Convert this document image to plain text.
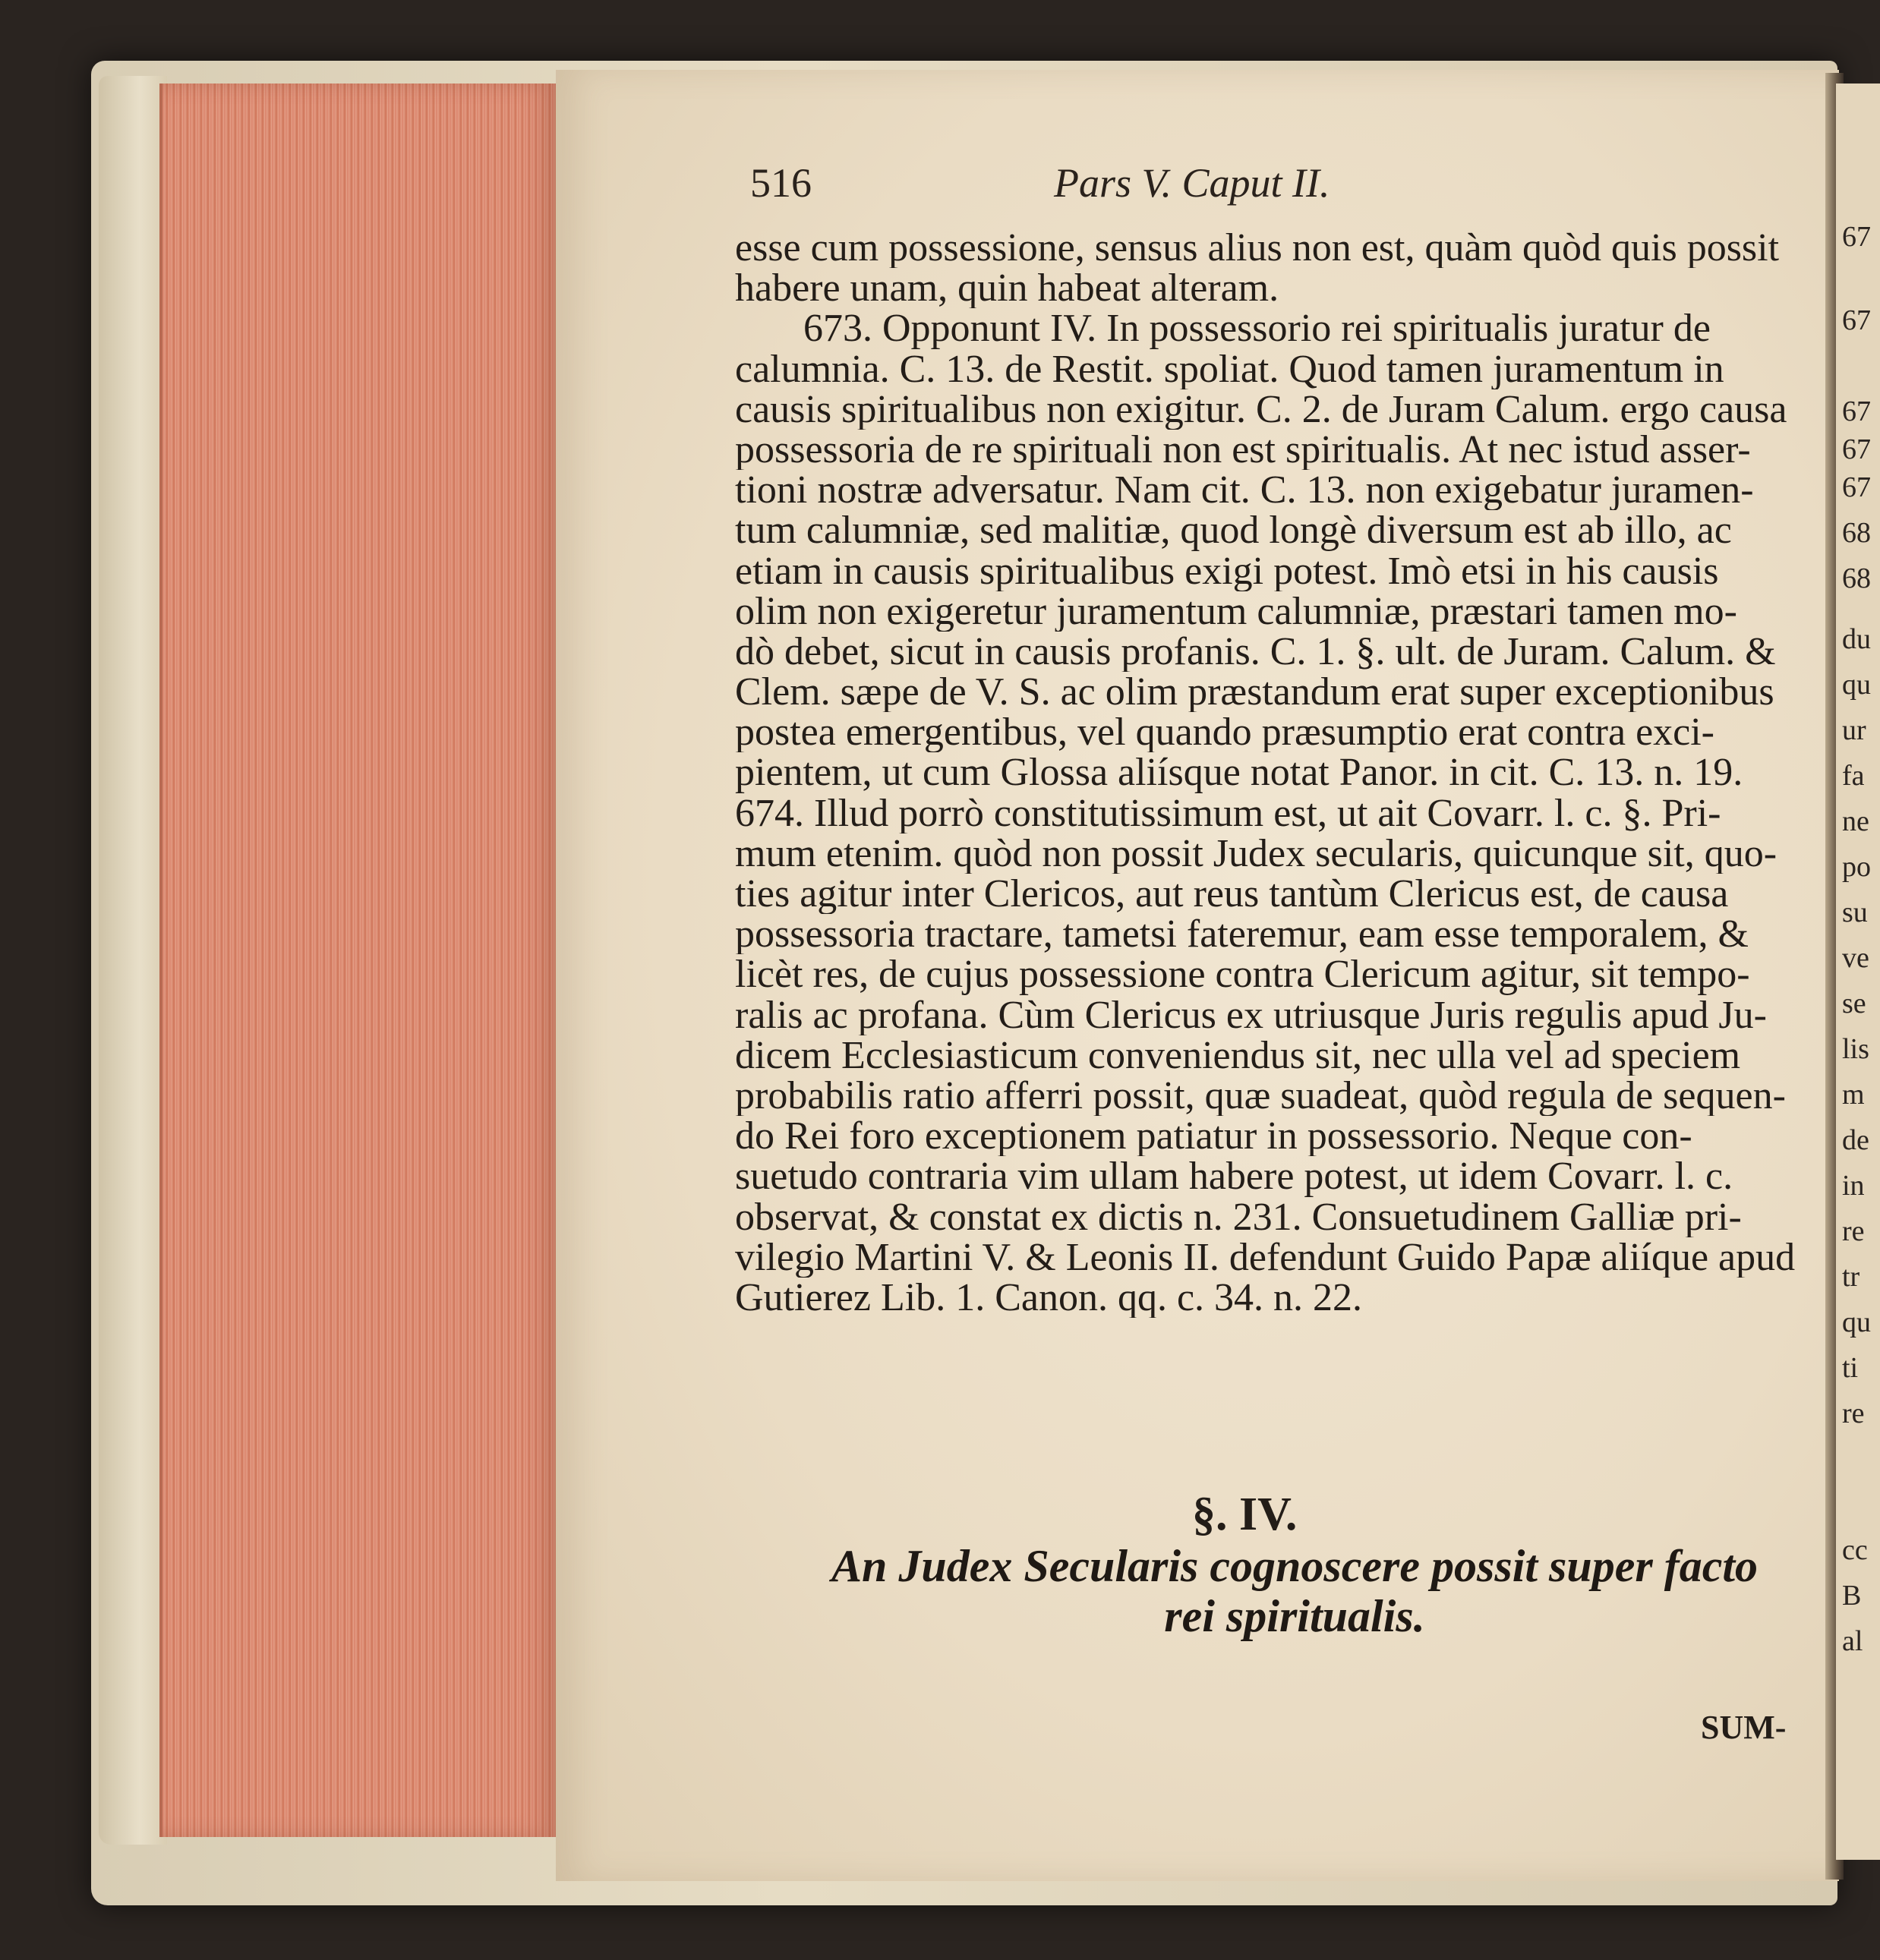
67
67
67
67
67
68
68
du
qu
ur
fa
ne
po
su
ve
se
lis
m
de
in
re
tr
qu
ti
re
cc
B
al
516	Pars V. Caput II.
esse cum possessione, sensus alius non est, quàm quòd quis possit
habere unam, quin habeat alteram.
673. Opponunt IV. In possessorio rei spiritualis juratur de
calumnia. C. 13. de Restit. spoliat. Quod tamen juramentum in
causis spiritualibus non exigitur. C. 2. de Juram Calum. ergo causa
possessoria de re spirituali non est spiritualis. At nec istud asser-
tioni nostræ adversatur. Nam cit. C. 13. non exigebatur juramen-
tum calumniæ, sed malitiæ, quod longè diversum est ab illo, ac
etiam in causis spiritualibus exigi potest. Imò etsi in his causis
olim non exigeretur juramentum calumniæ, præstari tamen mo-
dò debet, sicut in causis profanis. C. 1. §. ult. de Juram. Calum. &
Clem. sæpe de V. S. ac olim præstandum erat super exceptionibus
postea emergentibus, vel quando præsumptio erat contra exci-
pientem, ut cum Glossa aliísque notat Panor. in cit. C. 13. n. 19.
674. Illud porrò constitutissimum est, ut ait Covarr. l. c. §. Pri-
mum etenim. quòd non possit Judex secularis, quicunque sit, quo-
ties agitur inter Clericos, aut reus tantùm Clericus est, de causa
possessoria tractare, tametsi fateremur, eam esse temporalem, &
licèt res, de cujus possessione contra Clericum agitur, sit tempo-
ralis ac profana. Cùm Clericus ex utriusque Juris regulis apud Ju-
dicem Ecclesiasticum conveniendus sit, nec ulla vel ad speciem
probabilis ratio afferri possit, quæ suadeat, quòd regula de sequen-
do Rei foro exceptionem patiatur in possessorio. Neque con-
suetudo contraria vim ullam habere potest, ut idem Covarr. l. c.
observat, & constat ex dictis n. 231. Consuetudinem Galliæ pri-
vilegio Martini V. & Leonis II. defendunt Guido Papæ aliíque apud
Gutierez Lib. 1. Canon. qq. c. 34. n. 22.
§. IV.
An Judex Secularis cognoscere possit super facto
rei spiritualis.
SUM-
